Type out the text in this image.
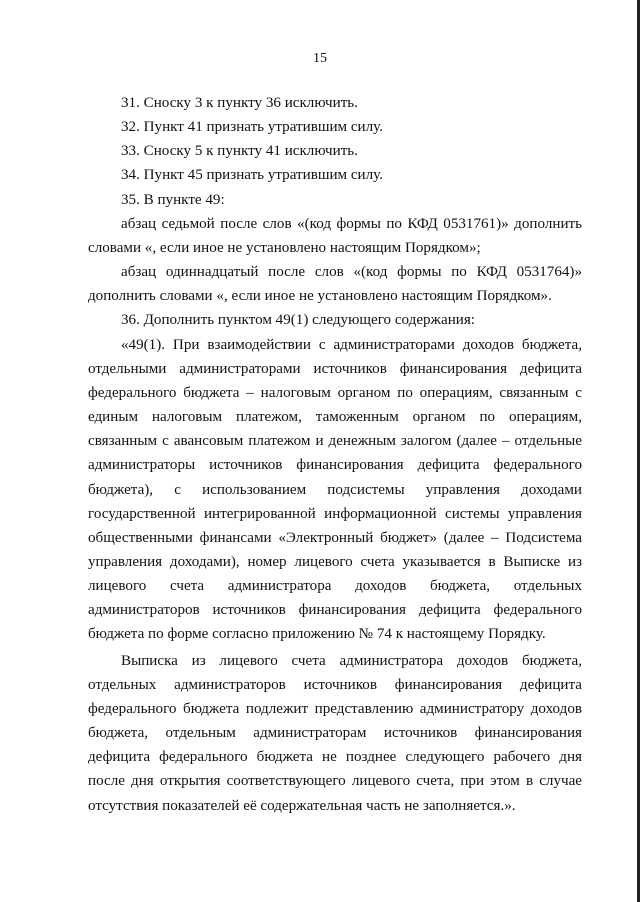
15

31. Сноску 3 к пункту 36 исключить.

32. Пункт 41 признать утратившим силу.

33. Сноску 5 к пункту 41 исключить.

34. Пункт 45 признать утратившим силу.

35. В пункте 49:

абзац седьмой после слов «(код формы по КФД 0531761)» дополнить словами «, если иное не установлено настоящим Порядком»;

абзац одиннадцатый после слов «(код формы по КФД 0531764)» дополнить словами «, если иное не установлено настоящим Порядком».

36. Дополнить пунктом 49(1) следующего содержания:

«49(1). При взаимодействии с администраторами доходов бюджета, отдельными администраторами источников финансирования дефицита федерального бюджета – налоговым органом по операциям, связанным с единым налоговым платежом, таможенным органом по операциям, связанным с авансовым платежом и денежным залогом (далее – отдельные администраторы источников финансирования дефицита федерального бюджета), с использованием подсистемы управления доходами государственной интегрированной информационной системы управления общественными финансами «Электронный бюджет» (далее – Подсистема управления доходами), номер лицевого счета указывается в Выписке из лицевого счета администратора доходов бюджета, отдельных администраторов источников финансирования дефицита федерального бюджета по форме согласно приложению № 74 к настоящему Порядку.

Выписка из лицевого счета администратора доходов бюджета, отдельных администраторов источников финансирования дефицита федерального бюджета подлежит представлению администратору доходов бюджета, отдельным администраторам источников финансирования дефицита федерального бюджета не позднее следующего рабочего дня после дня открытия соответствующего лицевого счета, при этом в случае отсутствия показателей её содержательная часть не заполняется.».
